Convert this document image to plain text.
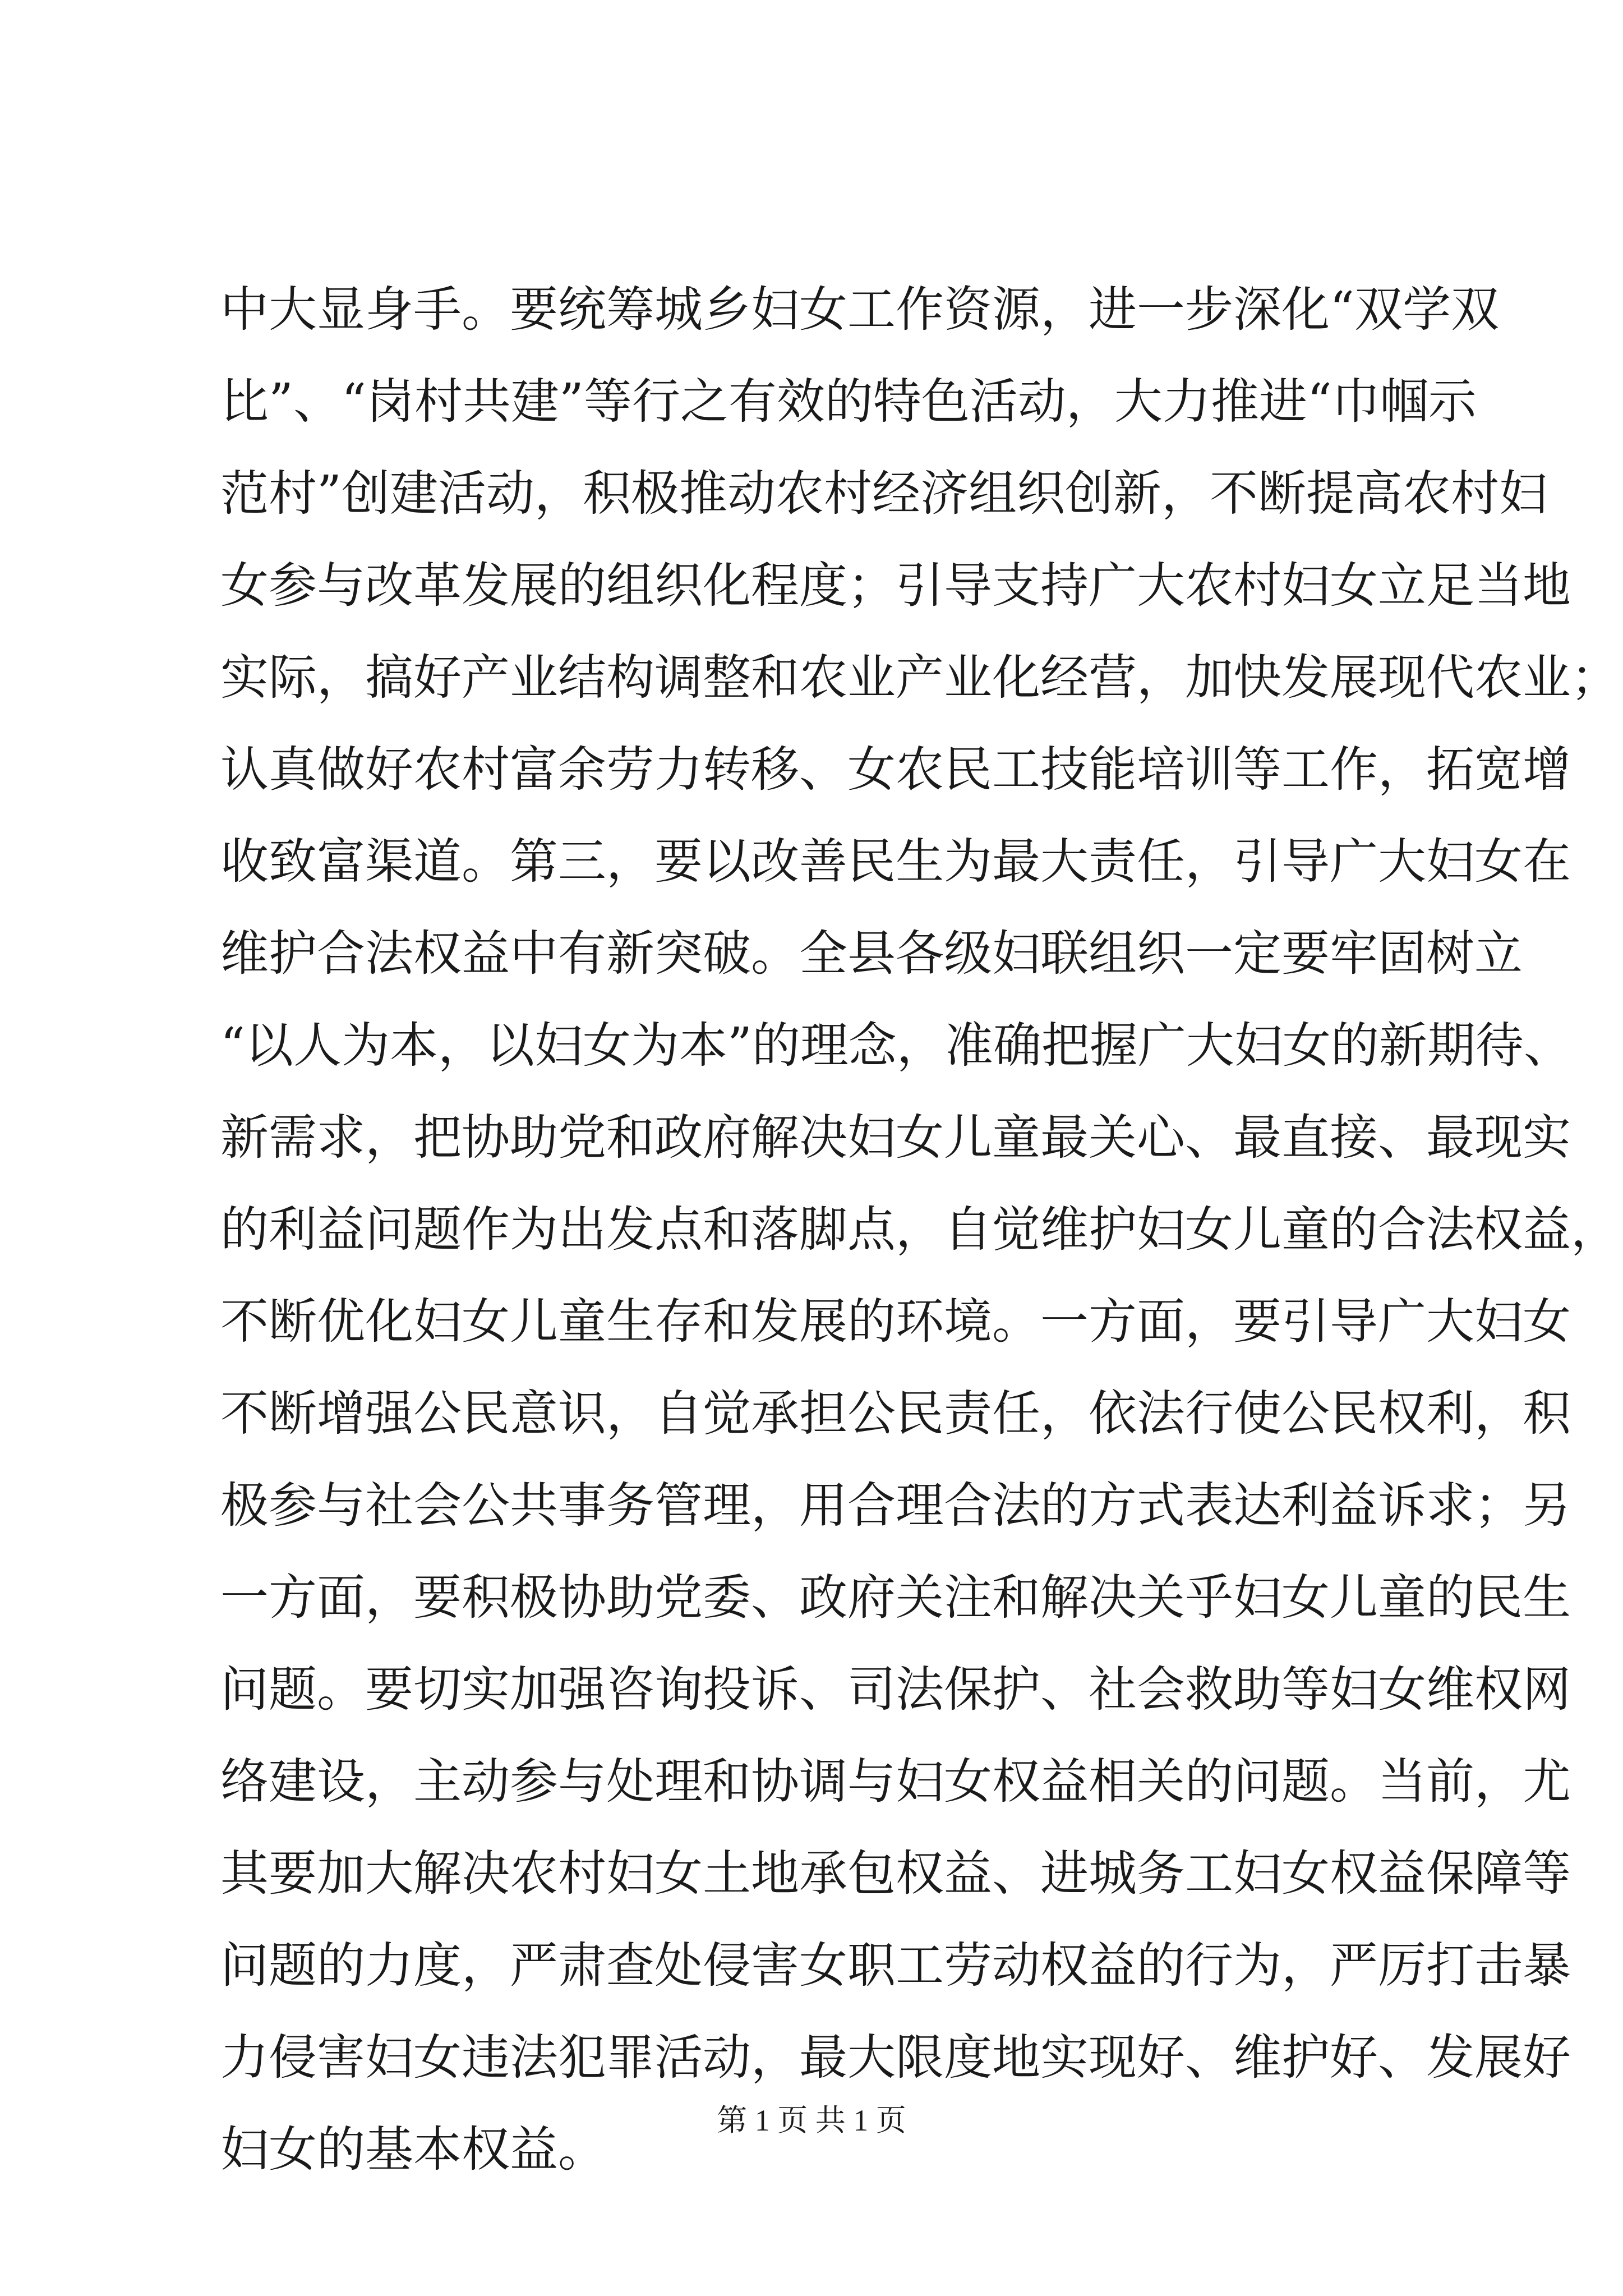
中大显身手。要统筹城乡妇女工作资源，进一步深化“双学双
比”、“岗村共建”等行之有效的特色活动，大力推进“巾帼示
范村”创建活动，积极推动农村经济组织创新，不断提高农村妇
女参与改革发展的组织化程度；引导支持广大农村妇女立足当地
实际，搞好产业结构调整和农业产业化经营，加快发展现代农业；
认真做好农村富余劳力转移、女农民工技能培训等工作，拓宽增
收致富渠道。第三，要以改善民生为最大责任，引导广大妇女在
维护合法权益中有新突破。全县各级妇联组织一定要牢固树立
“以人为本，以妇女为本”的理念，准确把握广大妇女的新期待、
新需求，把协助党和政府解决妇女儿童最关心、最直接、最现实
的利益问题作为出发点和落脚点，自觉维护妇女儿童的合法权益，
不断优化妇女儿童生存和发展的环境。一方面，要引导广大妇女
不断增强公民意识，自觉承担公民责任，依法行使公民权利，积
极参与社会公共事务管理，用合理合法的方式表达利益诉求；另
一方面，要积极协助党委、政府关注和解决关乎妇女儿童的民生
问题。要切实加强咨询投诉、司法保护、社会救助等妇女维权网
络建设，主动参与处理和协调与妇女权益相关的问题。当前，尤
其要加大解决农村妇女土地承包权益、进城务工妇女权益保障等
问题的力度，严肃查处侵害女职工劳动权益的行为，严厉打击暴
力侵害妇女违法犯罪活动，最大限度地实现好、维护好、发展好
妇女的基本权益。
第 1 页 共 1 页
